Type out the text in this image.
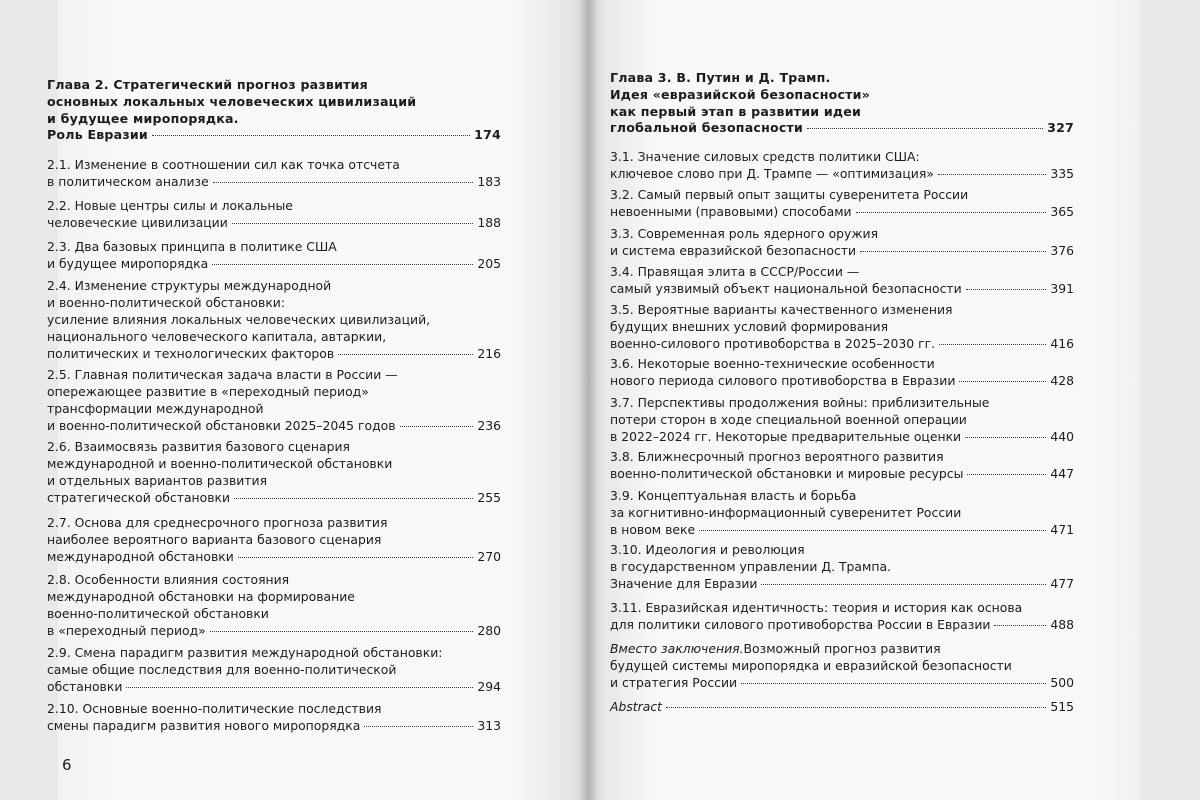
Глава 2. Стратегический прогноз развития
основных локальных человеческих цивилизаций
и будущее миропорядка.
Роль Евразии	174
2.1. Изменение в соотношении сил как точка отсчета
в политическом анализе	183
2.2. Новые центры силы и локальные
человеческие цивилизации	188
2.3. Два базовых принципа в политике США
и будущее миропорядка	205
2.4. Изменение структуры международной
и военно-политической обстановки:
усиление влияния локальных человеческих цивилизаций,
национального человеческого капитала, автаркии,
политических и технологических факторов	216
2.5. Главная политическая задача власти в России —
опережающее развитие в «переходный период»
трансформации международной
и военно-политической обстановки 2025–2045 годов	236
2.6. Взаимосвязь развития базового сценария
международной и военно-политической обстановки
и отдельных вариантов развития
стратегической обстановки	255
2.7. Основа для среднесрочного прогноза развития
наиболее вероятного варианта базового сценария
международной обстановки	270
2.8. Особенности влияния состояния
международной обстановки на формирование
военно-политической обстановки
в «переходный период»	280
2.9. Смена парадигм развития международной обстановки:
самые общие последствия для военно-политической
обстановки	294
2.10. Основные военно-политические последствия
смены парадигм развития нового миропорядка	313
6
Глава 3. В. Путин и Д. Трамп.
Идея «евразийской безопасности»
как первый этап в развитии идеи
глобальной безопасности	327
3.1. Значение силовых средств политики США:
ключевое слово при Д. Трампе — «оптимизация»	335
3.2. Самый первый опыт защиты суверенитета России
невоенными (правовыми) способами	365
3.3. Современная роль ядерного оружия
и система евразийской безопасности	376
3.4. Правящая элита в СССР/России —
самый уязвимый объект национальной безопасности	391
3.5. Вероятные варианты качественного изменения
будущих внешних условий формирования
военно-силового противоборства в 2025–2030 гг.	416
3.6. Некоторые военно-технические особенности
нового периода силового противоборства в Евразии	428
3.7. Перспективы продолжения войны: приблизительные
потери сторон в ходе специальной военной операции
в 2022–2024 гг. Некоторые предварительные оценки	440
3.8. Ближнесрочный прогноз вероятного развития
военно-политической обстановки и мировые ресурсы	447
3.9. Концептуальная власть и борьба
за когнитивно-информационный суверенитет России
в новом веке	471
3.10. Идеология и революция
в государственном управлении Д. Трампа.
Значение для Евразии	477
3.11. Евразийская идентичность: теория и история как основа
для политики силового противоборства России в Евразии	488
Вместо заключения. Возможный прогноз развития
будущей системы миропорядка и евразийской безопасности
и стратегия России	500
Abstract	515
